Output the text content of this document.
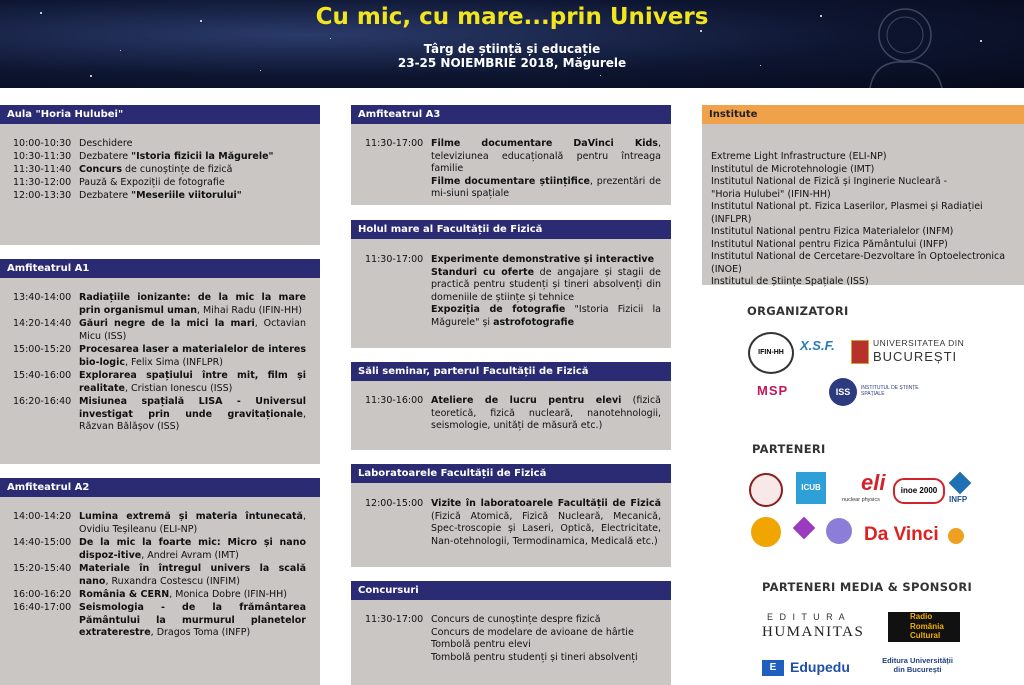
Cu mic, cu mare...prin Univers
Târg de știință și educație
23-25 NOIEMBRIE 2018, Măgurele
Aula "Horia Hulubei"
10:00-10:30 Deschidere
10:30-11:30 Dezbatere "Istoria fizicii la Măgurele"
11:30-11:40 Concurs de cunoștințe de fizică
11:30-12:00 Pauză & Expoziții de fotografie
12:00-13:30 Dezbatere "Meseriile viitorului"
Amfiteatrul A1
13:40-14:00 Radiațiile ionizante: de la mic la mare prin organismul uman, Mihai Radu (IFIN-HH)
14:20-14:40 Găuri negre de la mici la mari, Octavian Micu (ISS)
15:00-15:20 Procesarea laser a materialelor de interes bio-logic, Felix Sima (INFLPR)
15:40-16:00 Explorarea spațiului între mit, film și realitate, Cristian Ionescu (ISS)
16:20-16:40 Misiunea spațială LISA - Universul investigat prin unde gravitaționale, Răzvan Bălășov (ISS)
Amfiteatrul A2
14:00-14:20 Lumina extremă și materia întunecată, Ovidiu Teșileanu (ELI-NP)
14:40-15:00 De la mic la foarte mic: Micro și nano dispoz-itive, Andrei Avram (IMT)
15:20-15:40 Materiale în întregul univers la scală nano, Ruxandra Costescu (INFIM)
16:00-16:20 România & CERN, Monica Dobre (IFIN-HH)
16:40-17:00 Seismologia - de la frământarea Pământului la murmurul planetelor extraterestre, Dragos Toma (INFP)
Amfiteatrul A3
11:30-17:00 Filme documentare DaVinci Kids, televiziunea educațională pentru întreaga familie
Filme documentare științifice, prezentări de mi-siuni spațiale
Holul mare al Facultății de Fizică
11:30-17:00 Experimente demonstrative și interactive
Standuri cu oferte de angajare și stagii de practică pentru studenți și tineri absolvenți din domeniile de științe și tehnice
Expoziția de fotografie "Istoria Fizicii la Măgurele" și astrofotografie
Săli seminar, parterul Facultății de Fizică
11:30-16:00 Ateliere de lucru pentru elevi (fizică teoretică, fizică nucleară, nanotehnologii, seismologie, unități de măsură etc.)
Laboratoarele Facultății de Fizică
12:00-15:00 Vizite în laboratoarele Facultății de Fizică (Fizică Atomică, Fizică Nucleară, Mecanică, Spec-troscopie și Laseri, Optică, Electricitate, Nan-otehnologii, Termodinamica, Medicală etc.)
Concursuri
11:30-17:00 Concurs de cunoștințe despre fizică
Concurs de modelare de avioane de hârtie
Tombolă pentru elevi
Tombolă pentru studenți și tineri absolvenți
Institute
Extreme Light Infrastructure (ELI-NP)
Institutul de Microtehnologie (IMT)
Institutul National de Fizică și Inginerie Nucleară -
"Horia Hulubei" (IFIN-HH)
Institutul National pt. Fizica Laserilor, Plasmei și Radiației (INFLPR)
Institutul National pentru Fizica Materialelor (INFM)
Institutul National pentru Fizica Pământului (INFP)
Institutul National de Cercetare-Dezvoltare în Optoelectronica (INOE)
Institutul de Științe Spațiale (ISS)
ORGANIZATORI
IFIN-HH	X.S.F.	UNIVERSITATEA DIN
BUCUREȘTI
MSP	ISS	INSTITUTUL DE ȘTIINȚE SPAȚIALE
PARTENERI
ICUB eli
nuclear physics
inoe 2000
INFP
Da Vinci
PARTENERI MEDIA & SPONSORI
E D I T U R A
HUMANITAS
Radio
România
Cultural
E Edupedu	Editura Universității
din București
